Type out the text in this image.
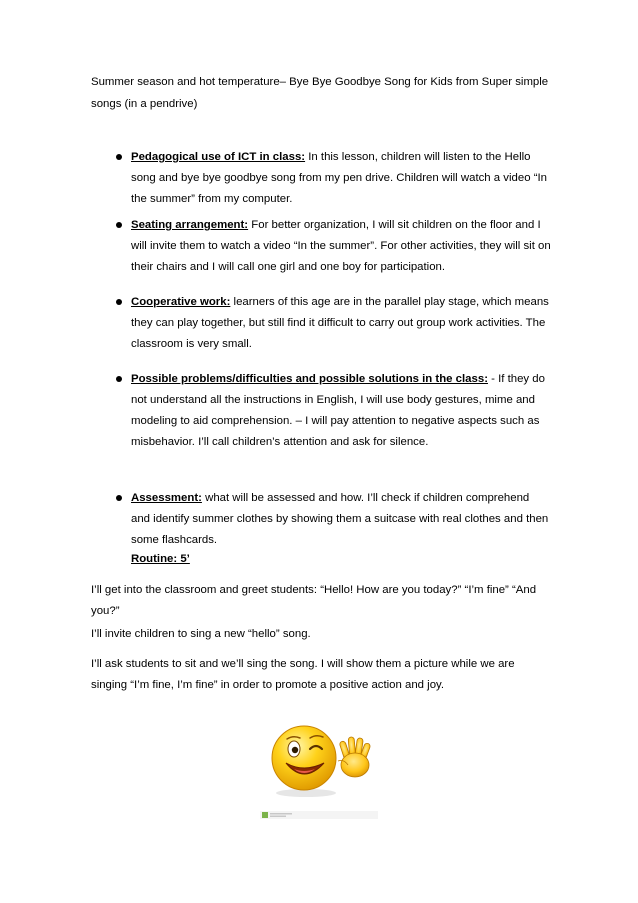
Summer season and hot temperature– Bye Bye Goodbye Song for Kids from Super simple songs (in a pendrive)
Pedagogical use of ICT in class: In this lesson, children will listen to the Hello song and bye bye goodbye song from my pen drive. Children will watch a video “In the summer” from my computer.
Seating arrangement: For better organization, I will sit children on the floor and I will invite them to watch a video “In the summer”. For other activities, they will sit on their chairs and I will call one girl and one boy for participation.
Cooperative work: learners of this age are in the parallel play stage, which means they can play together, but still find it difficult to carry out group work activities. The classroom is very small.
Possible problems/difficulties and possible solutions in the class: - If they do not understand all the instructions in English, I will use body gestures, mime and modeling to aid comprehension. – I will pay attention to negative aspects such as misbehavior. I’ll call children’s attention and ask for silence.
Assessment: what will be assessed and how. I’ll check if children comprehend and identify summer clothes by showing them a suitcase with real clothes and then some flashcards.
Routine: 5’

I’ll get into the classroom and greet students: “Hello! How are you today?” “I’m fine” “And you?”

I’ll invite children to sing a new “hello” song.

I’ll ask students to sit and we’ll sing the song. I will show them a picture while we are singing “I’m fine, I’m fine” in order to promote a positive action and joy.
